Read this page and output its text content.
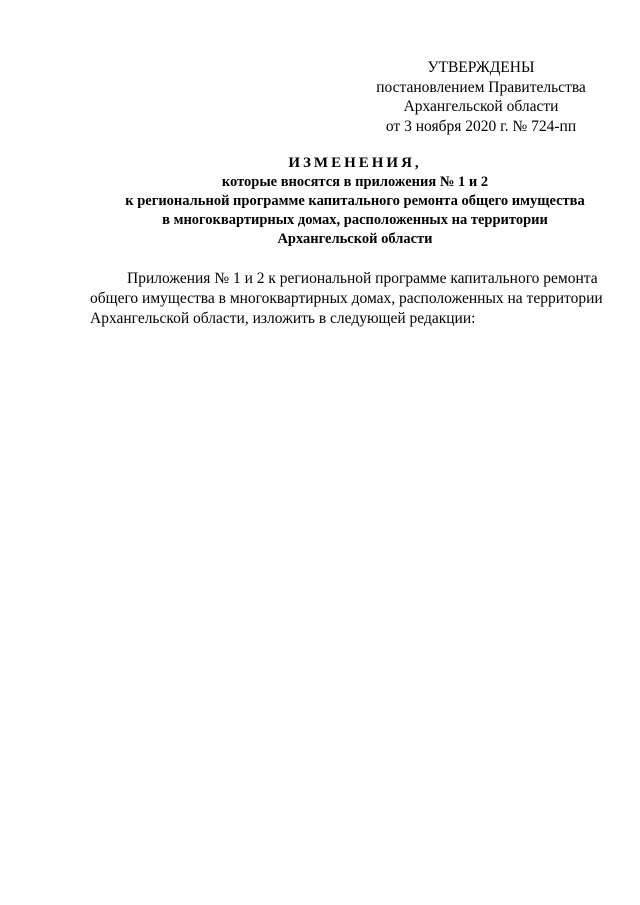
УТВЕРЖДЕНЫ
постановлением Правительства
Архангельской области
от 3 ноября 2020 г. № 724-пп
ИЗМЕНЕНИЯ,
которые вносятся в приложения № 1 и 2
к региональной программе капитального ремонта общего имущества
в многоквартирных домах, расположенных на территории
Архангельской области
Приложения № 1 и 2 к региональной программе капитального ремонта
общего имущества в многоквартирных домах, расположенных на территории
Архангельской области, изложить в следующей редакции:
